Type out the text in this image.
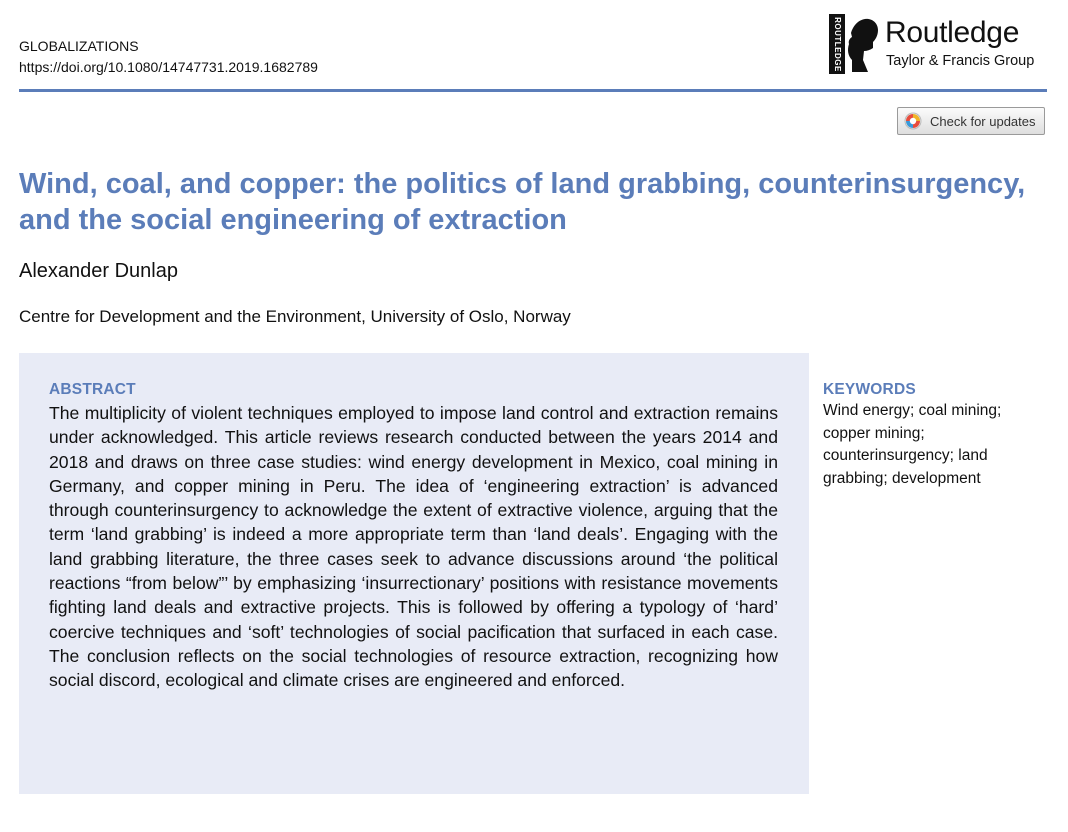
GLOBALIZATIONS
https://doi.org/10.1080/14747731.2019.1682789	ROUTLEDGE Routledge
Taylor & Francis Group
Check for updates
Wind, coal, and copper: the politics of land grabbing, counterinsurgency, and the social engineering of extraction
Alexander Dunlap
Centre for Development and the Environment, University of Oslo, Norway
ABSTRACT

The multiplicity of violent techniques employed to impose land control and extraction remains under acknowledged. This article reviews research conducted between the years 2014 and 2018 and draws on three case studies: wind energy development in Mexico, coal mining in Germany, and copper mining in Peru. The idea of ‘engineering extraction’ is advanced through counterinsurgency to acknowledge the extent of extractive violence, arguing that the term ‘land grabbing’ is indeed a more appropriate term than ‘land deals’. Engaging with the land grabbing literature, the three cases seek to advance discussions around ‘the political reactions “from below”’ by emphasizing ‘insurrectionary’ positions with resistance movements fighting land deals and extractive projects. This is followed by offering a typology of ‘hard’ coercive techniques and ‘soft’ technologies of social pacification that surfaced in each case. The conclusion reflects on the social technologies of resource extraction, recognizing how social discord, ecological and climate crises are engineered and enforced.

KEYWORDS

Wind energy; coal mining; copper mining; counterinsurgency; land grabbing; development
